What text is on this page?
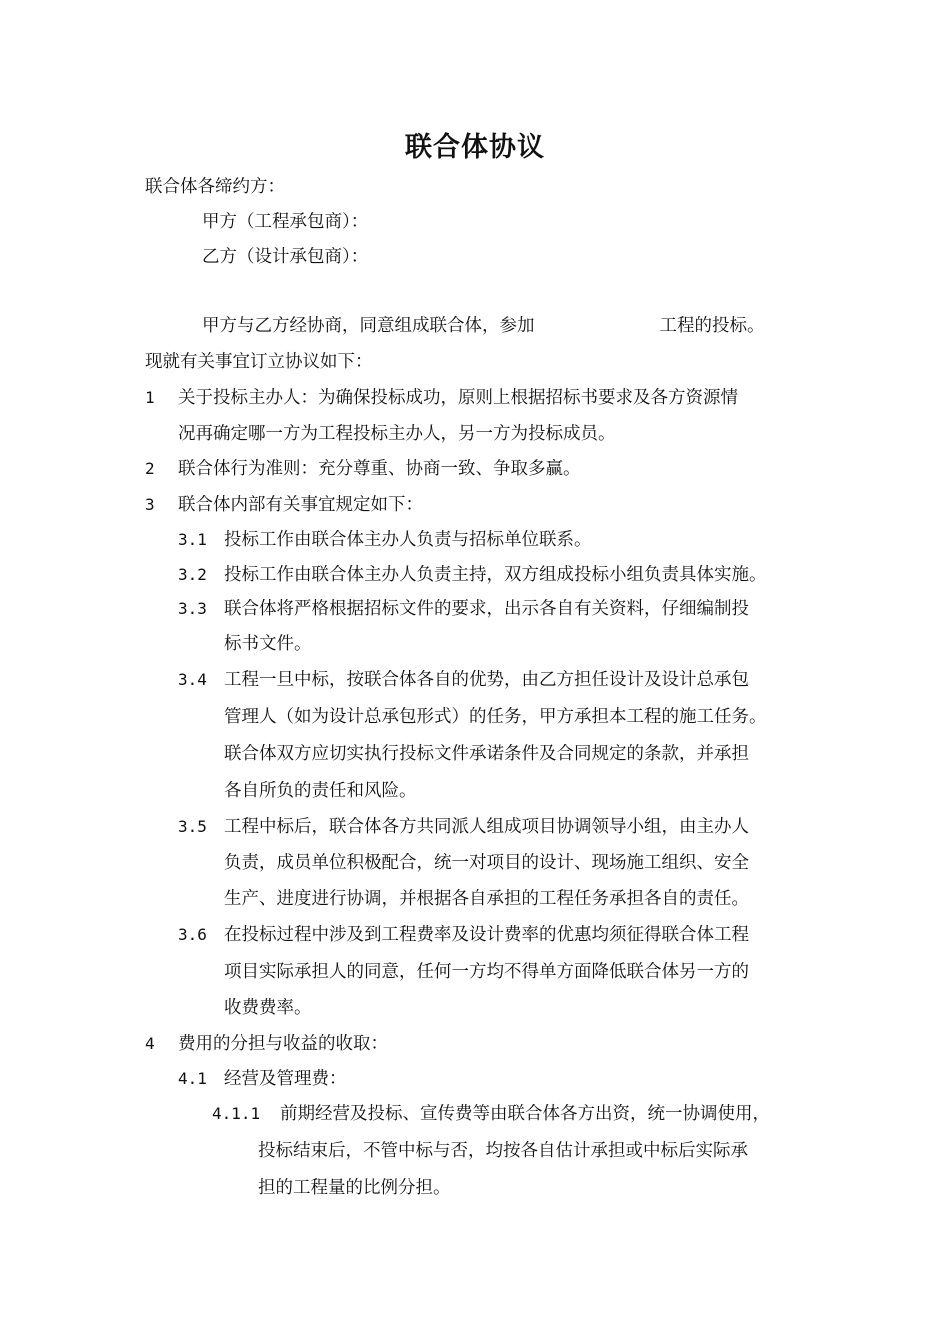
联合体协议
联合体各缔约方：
甲方（工程承包商）：
乙方（设计承包商）：
甲方与乙方经协商，同意组成联合体，参加	工程的投标。
现就有关事宜订立协议如下：
1 关于投标主办人：为确保投标成功，原则上根据招标书要求及各方资源情
况再确定哪一方为工程投标主办人，另一方为投标成员。
2 联合体行为准则：充分尊重、协商一致、争取多赢。
3 联合体内部有关事宜规定如下：
3.1 投标工作由联合体主办人负责与招标单位联系。
3.2 投标工作由联合体主办人负责主持，双方组成投标小组负责具体实施。
3.3 联合体将严格根据招标文件的要求，出示各自有关资料，仔细编制投
标书文件。
3.4 工程一旦中标，按联合体各自的优势，由乙方担任设计及设计总承包
管理人（如为设计总承包形式）的任务，甲方承担本工程的施工任务。
联合体双方应切实执行投标文件承诺条件及合同规定的条款，并承担
各自所负的责任和风险。
3.5 工程中标后，联合体各方共同派人组成项目协调领导小组，由主办人
负责，成员单位积极配合，统一对项目的设计、现场施工组织、安全
生产、进度进行协调，并根据各自承担的工程任务承担各自的责任。
3.6 在投标过程中涉及到工程费率及设计费率的优惠均须征得联合体工程
项目实际承担人的同意，任何一方均不得单方面降低联合体另一方的
收费费率。
4 费用的分担与收益的收取：
4.1 经营及管理费：
4.1.1 前期经营及投标、宣传费等由联合体各方出资，统一协调使用，
投标结束后，不管中标与否，均按各自估计承担或中标后实际承
担的工程量的比例分担。
